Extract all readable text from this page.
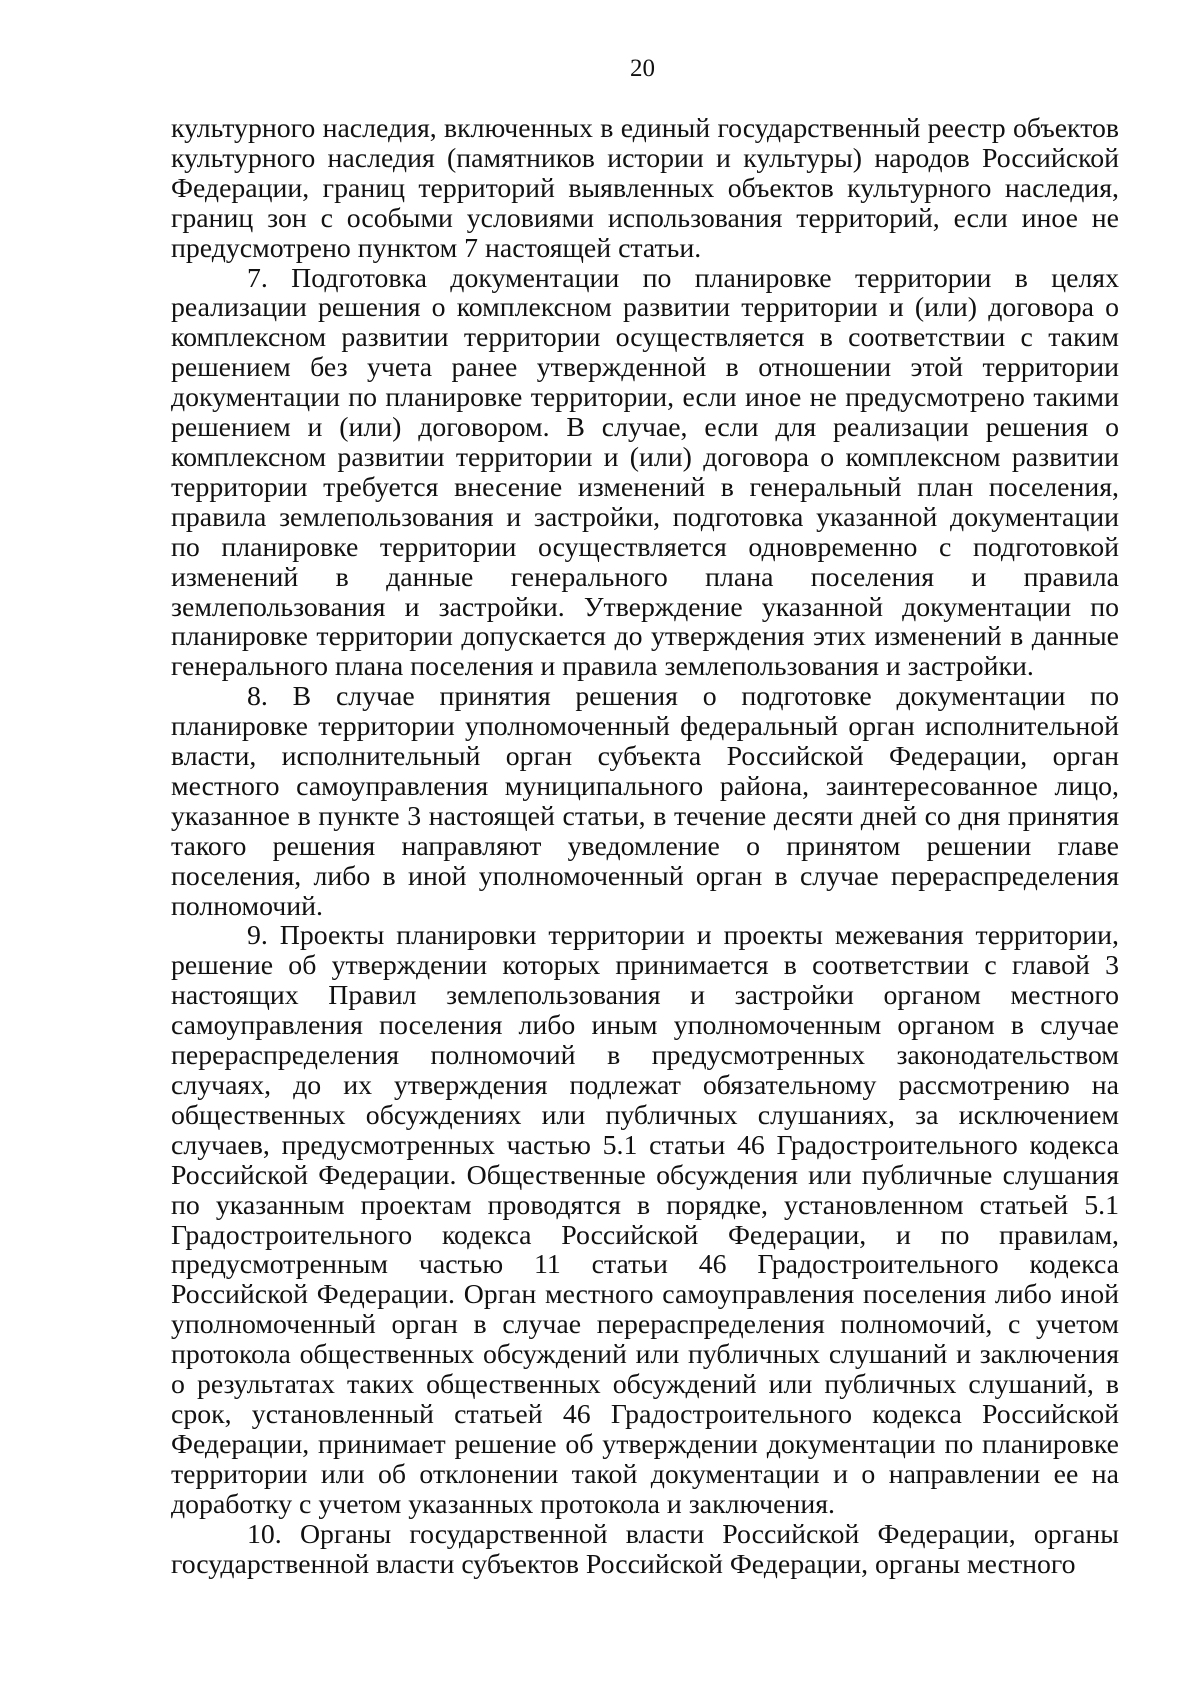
20

культурного наследия, включенных в единый государственный реестр объектов культурного наследия (памятников истории и культуры) народов Российской Федерации, границ территорий выявленных объектов культурного наследия, границ зон с особыми условиями использования территорий, если иное не предусмотрено пунктом 7 настоящей статьи.

7. Подготовка документации по планировке территории в целях реализации решения о комплексном развитии территории и (или) договора о комплексном развитии территории осуществляется в соответствии с таким решением без учета ранее утвержденной в отношении этой территории документации по планировке территории, если иное не предусмотрено такими решением и (или) договором. В случае, если для реализации решения о комплексном развитии территории и (или) договора о комплексном развитии территории требуется внесение изменений в генеральный план поселения, правила землепользования и застройки, подготовка указанной документации по планировке территории осуществляется одновременно с подготовкой изменений в данные генерального плана поселения и правила землепользования и застройки. Утверждение указанной документации по планировке территории допускается до утверждения этих изменений в данные генерального плана поселения и правила землепользования и застройки.

8. В случае принятия решения о подготовке документации по планировке территории уполномоченный федеральный орган исполнительной власти, исполнительный орган субъекта Российской Федерации, орган местного самоуправления муниципального района, заинтересованное лицо, указанное в пункте 3 настоящей статьи, в течение десяти дней со дня принятия такого решения направляют уведомление о принятом решении главе поселения, либо в иной уполномоченный орган в случае перераспределения полномочий.

9. Проекты планировки территории и проекты межевания территории, решение об утверждении которых принимается в соответствии с главой 3 настоящих Правил землепользования и застройки органом местного самоуправления поселения либо иным уполномоченным органом в случае перераспределения полномочий в предусмотренных законодательством случаях, до их утверждения подлежат обязательному рассмотрению на общественных обсуждениях или публичных слушаниях, за исключением случаев, предусмотренных частью 5.1 статьи 46 Градостроительного кодекса Российской Федерации. Общественные обсуждения или публичные слушания по указанным проектам проводятся в порядке, установленном статьей 5.1 Градостроительного кодекса Российской Федерации, и по правилам, предусмотренным частью 11 статьи 46 Градостроительного кодекса Российской Федерации. Орган местного самоуправления поселения либо иной уполномоченный орган в случае перераспределения полномочий, с учетом протокола общественных обсуждений или публичных слушаний и заключения о результатах таких общественных обсуждений или публичных слушаний, в срок, установленный статьей 46 Градостроительного кодекса Российской Федерации, принимает решение об утверждении документации по планировке территории или об отклонении такой документации и о направлении ее на доработку с учетом указанных протокола и заключения.

10. Органы государственной власти Российской Федерации, органы государственной власти субъектов Российской Федерации, органы местного
